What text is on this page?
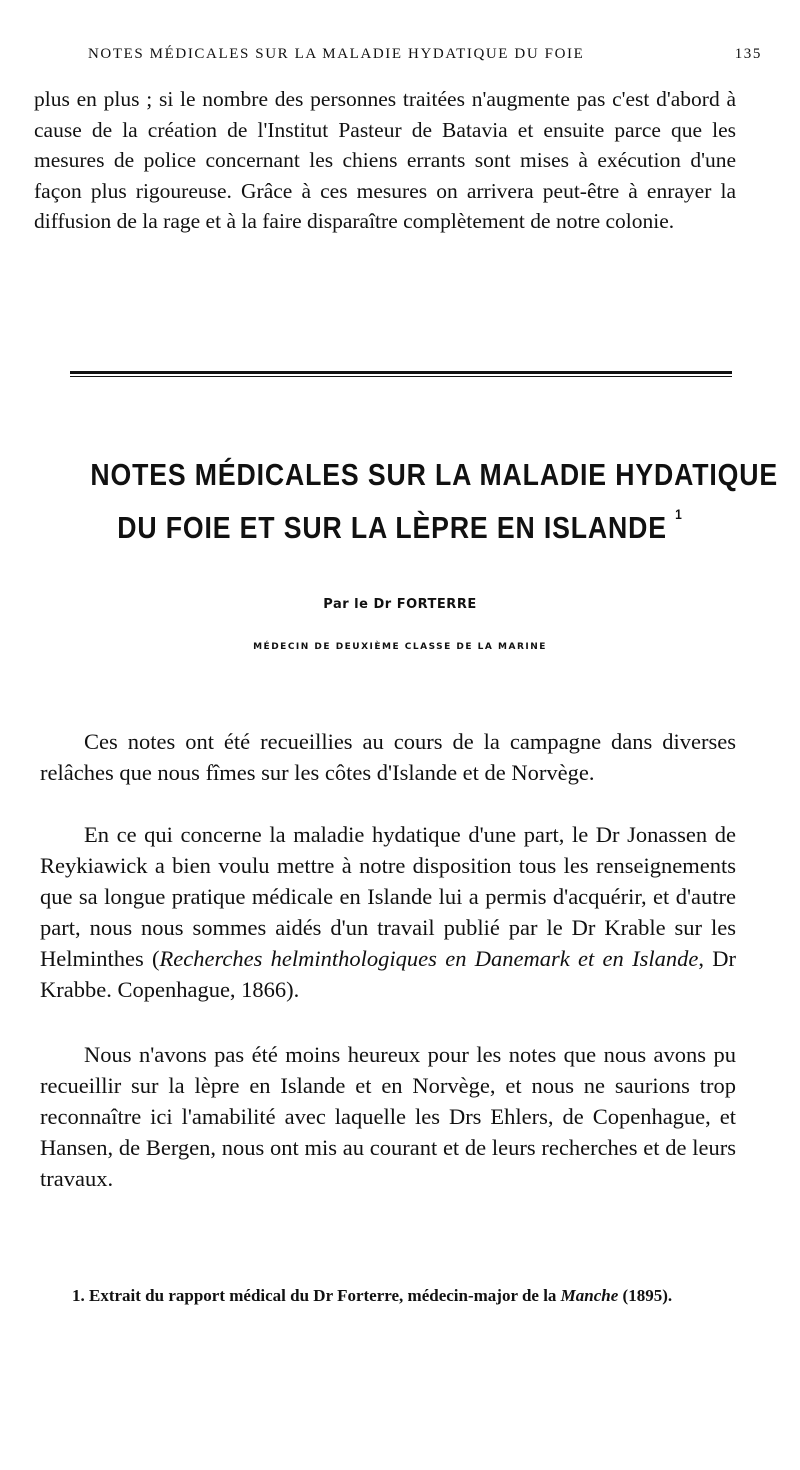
NOTES MÉDICALES SUR LA MALADIE HYDATIQUE DU FOIE	135

plus en plus ; si le nombre des personnes traitées n'augmente pas c'est d'abord à cause de la création de l'Institut Pasteur de Batavia et ensuite parce que les mesures de police concernant les chiens errants sont mises à exécution d'une façon plus rigoureuse. Grâce à ces mesures on arrivera peut-être à enrayer la diffusion de la rage et à la faire disparaître complètement de notre colonie.

NOTES MÉDICALES SUR LA MALADIE HYDATIQUE
DU FOIE ET SUR LA LÈPRE EN ISLANDE $^1$
Par le Dr FORTERRE
MÉDECIN DE DEUXIÈME CLASSE DE LA MARINE

Ces notes ont été recueillies au cours de la campagne dans diverses relâches que nous fîmes sur les côtes d'Islande et de Norvège.

En ce qui concerne la maladie hydatique d'une part, le Dr Jonassen de Reykiawick a bien voulu mettre à notre disposition tous les renseignements que sa longue pratique médicale en Islande lui a permis d'acquérir, et d'autre part, nous nous sommes aidés d'un travail publié par le Dr Krable sur les Helminthes (Recherches helminthologiques en Danemark et en Islande, Dr Krabbe. Copenhague, 1866).

Nous n'avons pas été moins heureux pour les notes que nous avons pu recueillir sur la lèpre en Islande et en Norvège, et nous ne saurions trop reconnaître ici l'amabilité avec laquelle les Drs Ehlers, de Copenhague, et Hansen, de Bergen, nous ont mis au courant et de leurs recherches et de leurs travaux.

1. Extrait du rapport médical du Dr Forterre, médecin-major de la Manche (1895).
